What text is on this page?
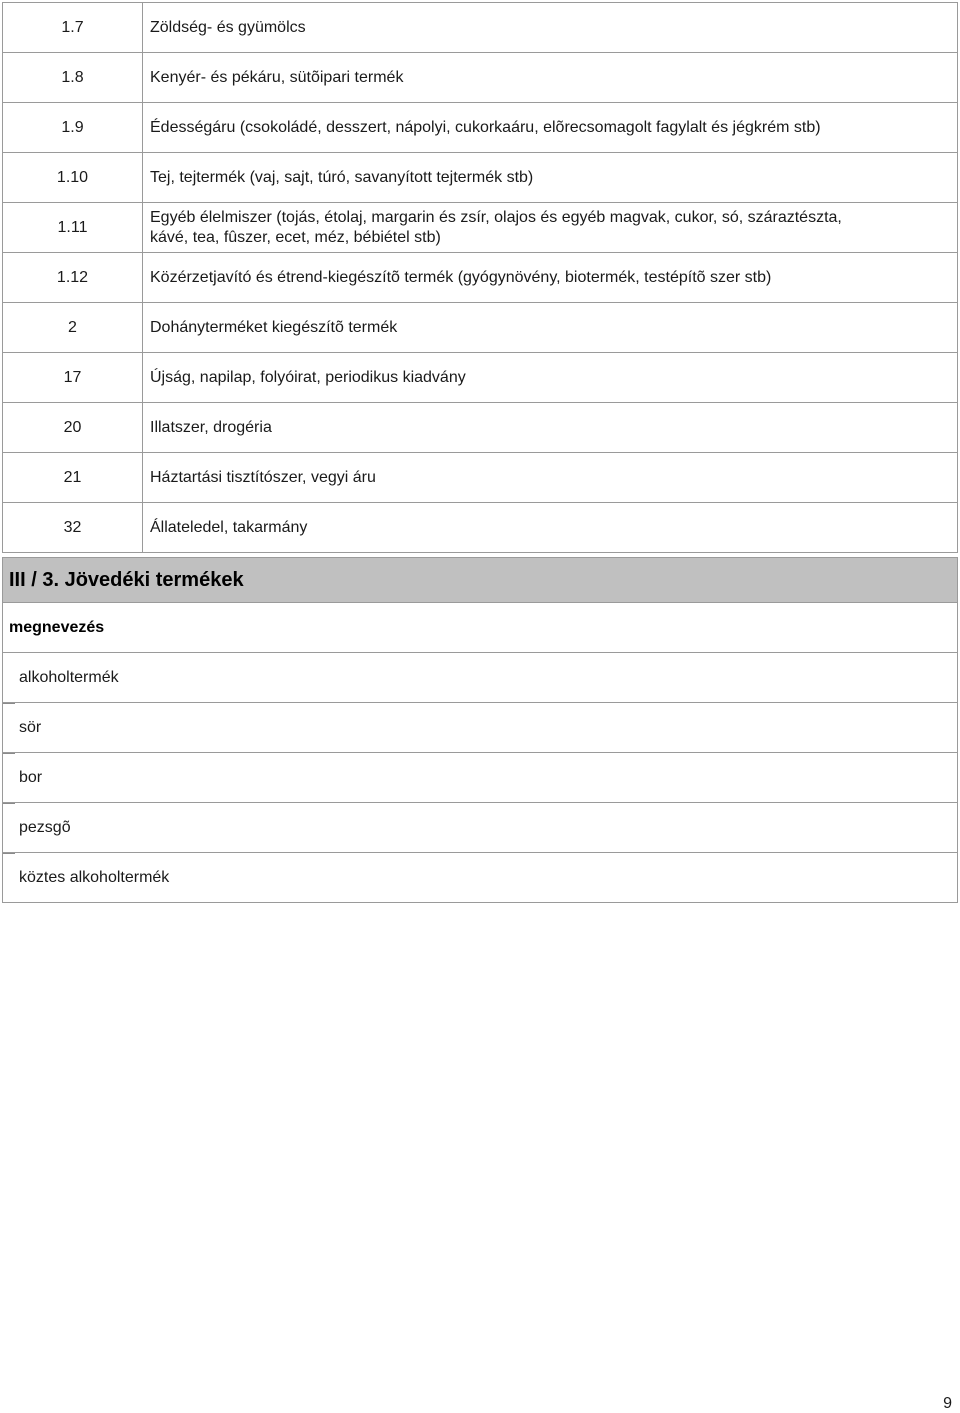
1.7	Zöldség- és gyümölcs
1.8	Kenyér- és pékáru, sütõipari termék
1.9	Édességáru (csokoládé, desszert, nápolyi, cukorkaáru, elõrecsomagolt fagylalt és jégkrém stb)
1.10	Tej, tejtermék (vaj, sajt, túró, savanyított tejtermék stb)
1.11	Egyéb élelmiszer (tojás, étolaj, margarin és zsír, olajos és egyéb magvak, cukor, só, száraztészta,
kávé, tea, fûszer, ecet, méz, bébiétel stb)

1.12	Közérzetjavító és étrend-kiegészítõ termék (gyógynövény, biotermék, testépítõ szer stb)
2	Dohányterméket kiegészítõ termék
17	Újság, napilap, folyóirat, periodikus kiadvány
20	Illatszer, drogéria
21	Háztartási tisztítószer, vegyi áru
32	Állateledel, takarmány
III / 3. Jövedéki termékek
megnevezés
alkoholtermék

sör

bor

pezsgõ

köztes alkoholtermék
9
